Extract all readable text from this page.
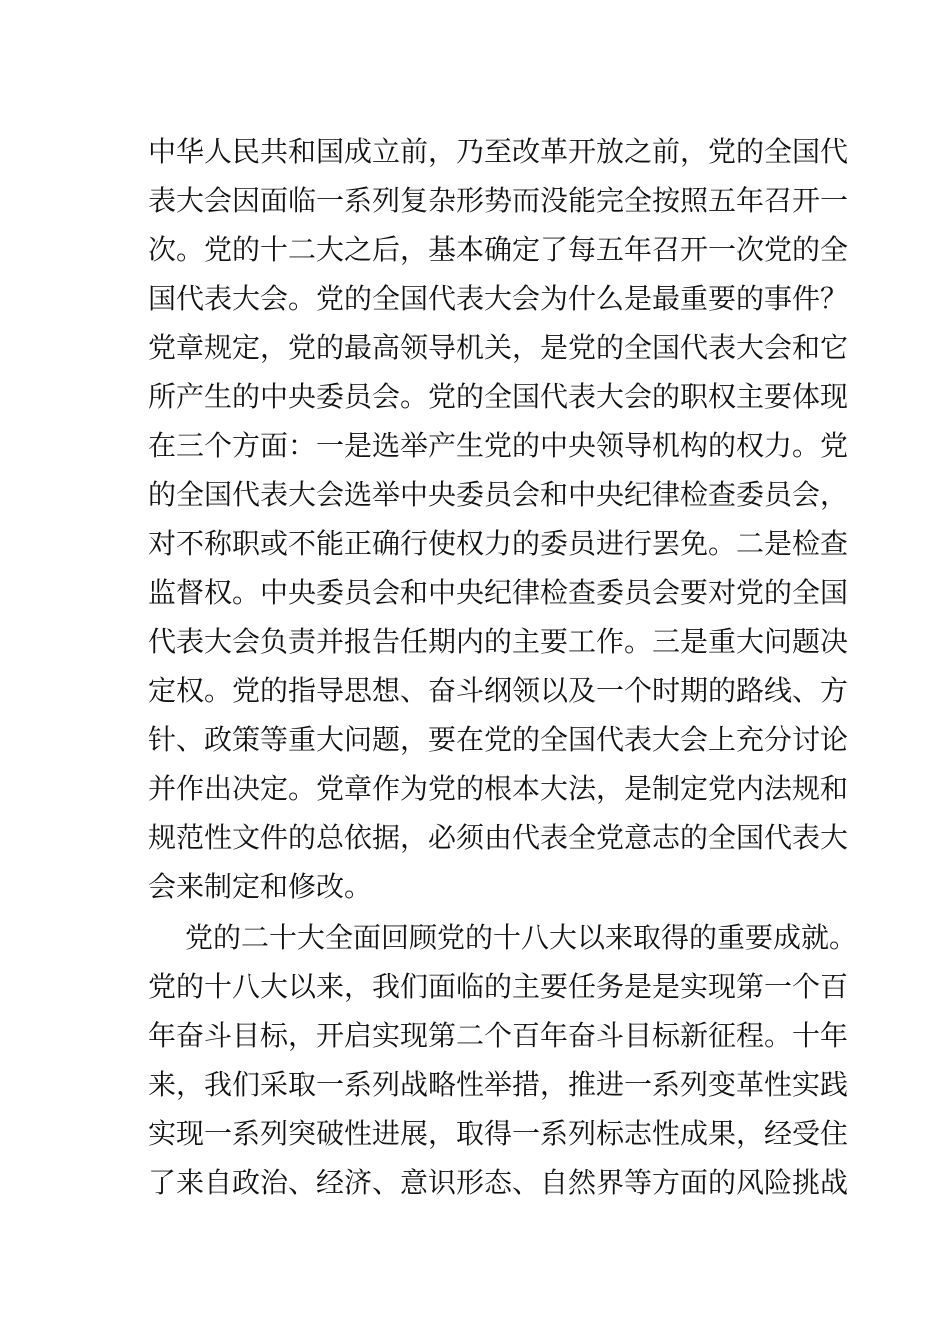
中华人民共和国成立前，乃至改革开放之前，党的全国代
表大会因面临一系列复杂形势而没能完全按照五年召开一
次。党的十二大之后，基本确定了每五年召开一次党的全
国代表大会。党的全国代表大会为什么是最重要的事件？
党章规定，党的最高领导机关，是党的全国代表大会和它
所产生的中央委员会。党的全国代表大会的职权主要体现
在三个方面：一是选举产生党的中央领导机构的权力。党
的全国代表大会选举中央委员会和中央纪律检查委员会，
对不称职或不能正确行使权力的委员进行罢免。二是检查
监督权。中央委员会和中央纪律检查委员会要对党的全国
代表大会负责并报告任期内的主要工作。三是重大问题决
定权。党的指导思想、奋斗纲领以及一个时期的路线、方
针、政策等重大问题，要在党的全国代表大会上充分讨论
并作出决定。党章作为党的根本大法，是制定党内法规和
规范性文件的总依据，必须由代表全党意志的全国代表大
会来制定和修改。
党的二十大全面回顾党的十八大以来取得的重要成就。
党的十八大以来，我们面临的主要任务是是实现第一个百
年奋斗目标，开启实现第二个百年奋斗目标新征程。十年
来，我们采取一系列战略性举措，推进一系列变革性实践
实现一系列突破性进展，取得一系列标志性成果，经受住
了来自政治、经济、意识形态、自然界等方面的风险挑战
